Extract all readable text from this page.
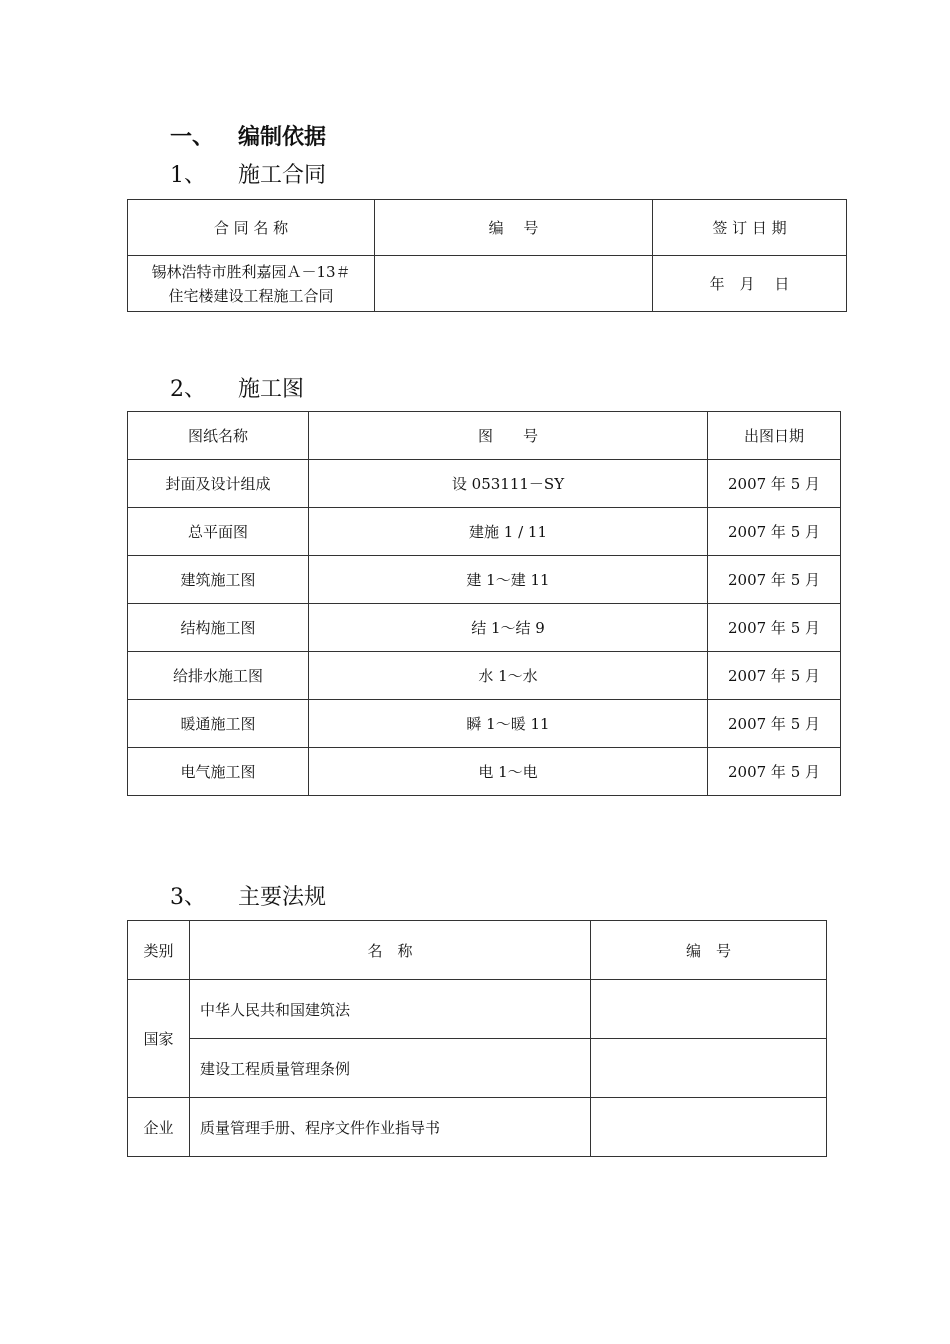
一、 编制依据
1、 施工合同
合 同 名 称	编　 号	签 订 日 期

锡林浩特市胜利嘉园Ａ－13＃
住宅楼建设工程施工合同		年　月　 日
2、 施工图
图纸名称	图　　号	出图日期
封面及设计组成	设 053111－SY	2007 年 5 月
总平面图	建施 1 / 11	2007 年 5 月
建筑施工图	建 1～建 11	2007 年 5 月
结构施工图	结 1～结 9	2007 年 5 月
给排水施工图	水 1～水	2007 年 5 月
暖通施工图	瞬 1～暖 11	2007 年 5 月
电气施工图	电 1～电	2007 年 5 月
3、 主要法规
类别	名　称	编　号
国家	中华人民共和国建筑法	
	建设工程质量管理条例	
企业	质量管理手册、程序文件作业指导书	
